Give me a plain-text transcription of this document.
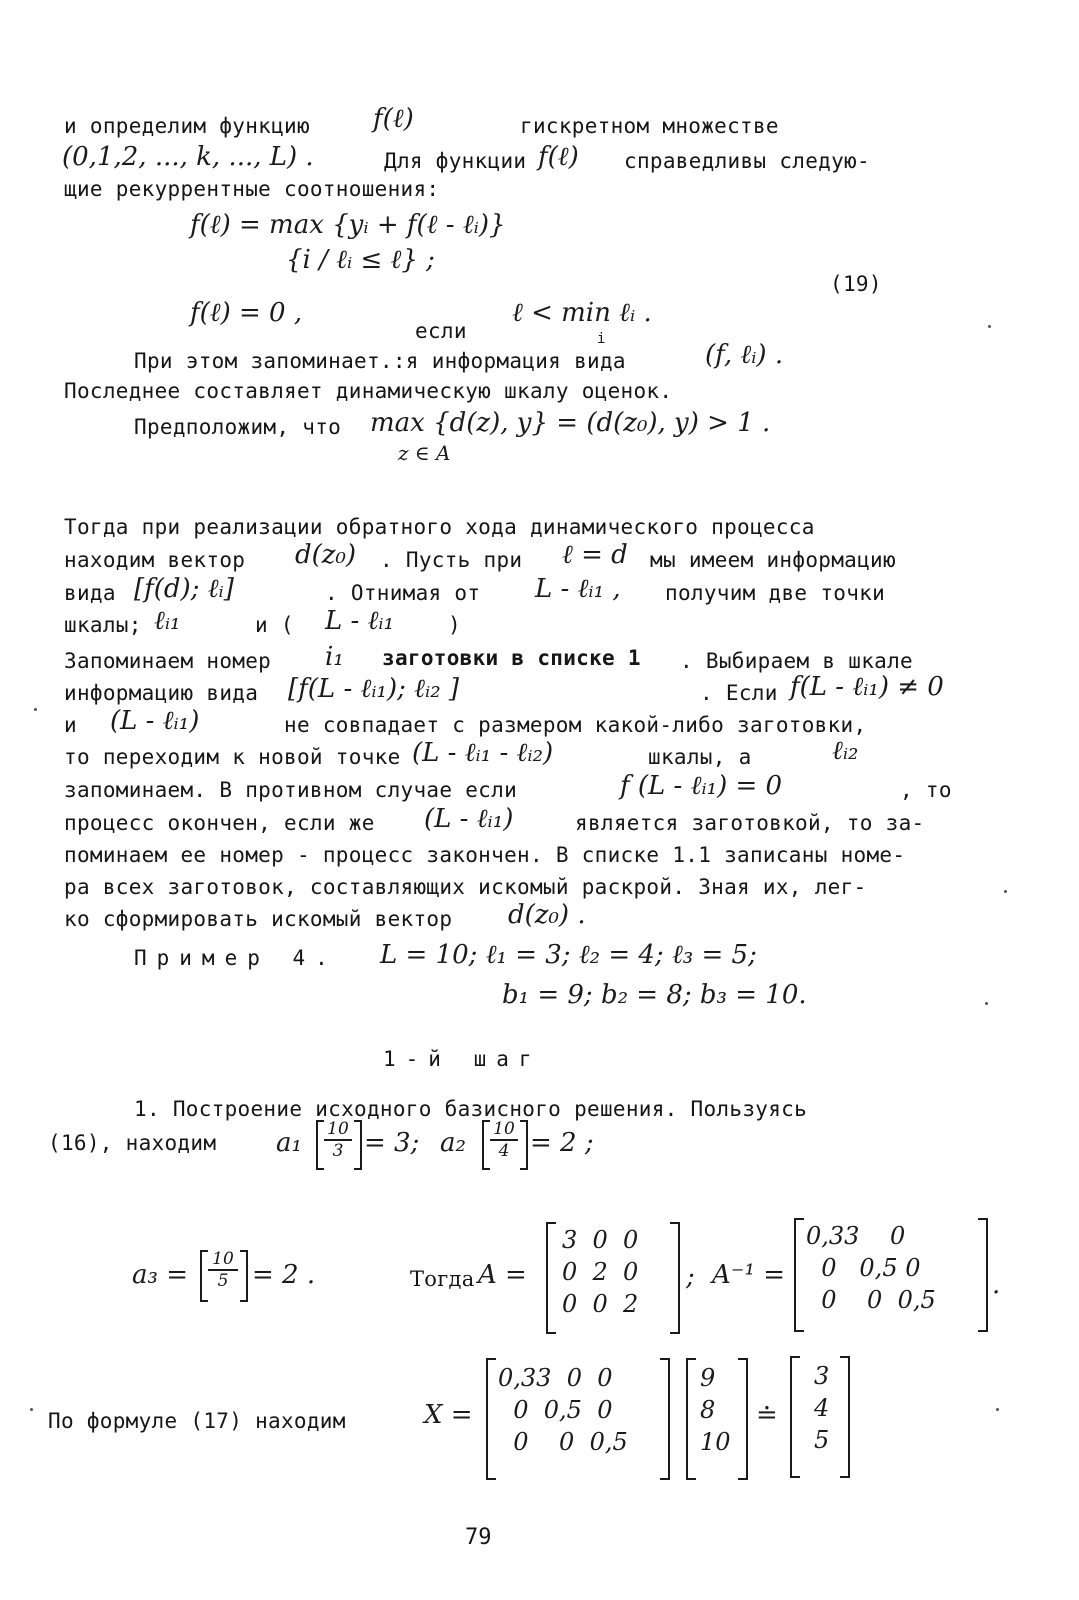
и определим функцию f(ℓ)	гискретном множестве
(0,1,2, ..., k, ..., L) .	Для функции f(ℓ) справедливы следую-
щие рекуррентные соотношения:
f(ℓ) = max {yᵢ + f(ℓ - ℓᵢ)}
{i / ℓᵢ ≤ ℓ} ;
(19)
f(ℓ) = 0 ,
если
ℓ < min ℓᵢ .
i
При этом запоминает.:я информация вида	(f, ℓᵢ) .
Последнее составляет динамическую шкалу оценок.
Предположим, что max {d(z), y} = (d(z₀), y) > 1 .
z ∈ A
Тогда при реализации обратного хода динамического процесса
находим вектор d(z₀) . Пусть при ℓ = d мы имеем информацию
вида [f(d); ℓᵢ]	. Отнимая от L - ℓᵢ₁ , получим две точки
шкалы; ℓᵢ₁	и ( L - ℓᵢ₁	)
Запоминаем номер i₁ заготовки в списке 1 . Выбираем в шкале
информацию вида [f(L - ℓᵢ₁); ℓᵢ₂ ]	. Если f(L - ℓᵢ₁) ≠ 0
и (L - ℓᵢ₁)	не совпадает с размером какой-либо заготовки,
то переходим к новой точке (L - ℓᵢ₁ - ℓᵢ₂)	шкалы, а	ℓᵢ₂
запоминаем. В противном случае если	f (L - ℓᵢ₁) = 0	, то
процесс окончен, если же (L - ℓᵢ₁)	является заготовкой, то за-
поминаем ее номер - процесс закончен. В списке 1.1 записаны номе-
ра всех заготовок, составляющих искомый раскрой. Зная их, лег-
ко сформировать искомый вектор d(z₀) .
Пример 4. L = 10; ℓ₁ = 3; ℓ₂ = 4; ℓ₃ = 5;
b₁ = 9; b₂ = 8; b₃ = 10.
1-й шаг
1. Построение исходного базисного решения. Пользуясь
(16), находим a₁ 10
3 = 3; a₂ 10
4 = 2 ;
a₃ =
10
5 = 2 .	Тогда A =
3  0  0
0  2  0
0  0  2
; A⁻¹ =
0,33    0
0   0,5 0
0    0  0,5 .
По формуле (17) находим	X =
0,33  0  0
0  0,5  0
0    0  0,5
9
8
10
≐
3
4
5
79
